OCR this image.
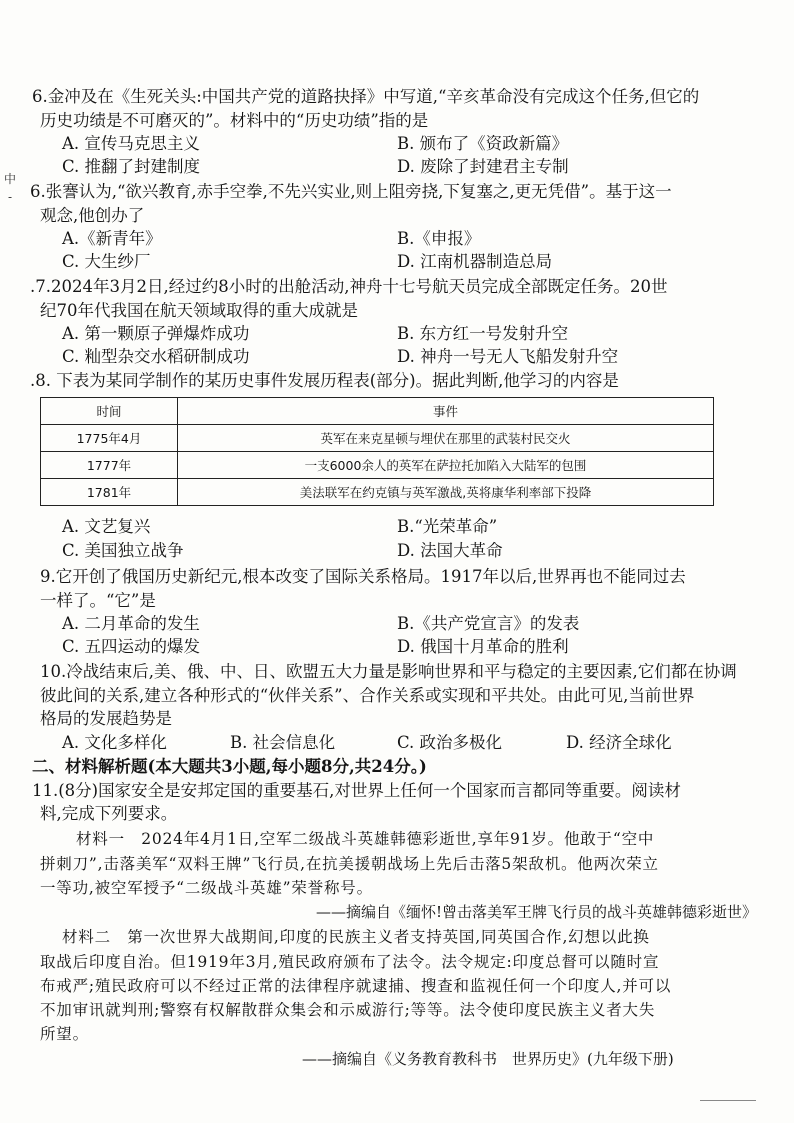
中
-
6.金冲及在《生死关头:中国共产党的道路抉择》中写道,“辛亥革命没有完成这个任务,但它的
历史功绩是不可磨灭的”。材料中的“历史功绩”指的是
A. 宣传马克思主义	B. 颁布了《资政新篇》
C. 推翻了封建制度	D. 废除了封建君主专制
6.张謇认为,“欲兴教育,赤手空拳,不先兴实业,则上阻旁挠,下复塞之,更无凭借”。基于这一
观念,他创办了
A.《新青年》	B.《申报》
C. 大生纱厂	D. 江南机器制造总局
.7.2024年3月2日,经过约8小时的出舱活动,神舟十七号航天员完成全部既定任务。20世
纪70年代我国在航天领域取得的重大成就是
A. 第一颗原子弹爆炸成功	B. 东方红一号发射升空
C. 籼型杂交水稻研制成功	D. 神舟一号无人飞船发射升空
.8. 下表为某同学制作的某历史事件发展历程表(部分)。据此判断,他学习的内容是
时间	事件
1775年4月	英军在来克星顿与埋伏在那里的武装村民交火
1777年	一支6000余人的英军在萨拉托加陷入大陆军的包围
1781年	美法联军在约克镇与英军激战,英将康华利率部下投降
A. 文艺复兴	B.“光荣革命”
C. 美国独立战争	D. 法国大革命
9.它开创了俄国历史新纪元,根本改变了国际关系格局。1917年以后,世界再也不能同过去
一样了。“它”是
A. 二月革命的发生	B.《共产党宣言》的发表
C. 五四运动的爆发	D. 俄国十月革命的胜利
10.冷战结束后,美、俄、中、日、欧盟五大力量是影响世界和平与稳定的主要因素,它们都在协调
彼此间的关系,建立各种形式的“伙伴关系”、合作关系或实现和平共处。由此可见,当前世界
格局的发展趋势是
A. 文化多样化	B. 社会信息化	C. 政治多极化	D. 经济全球化
二、材料解析题(本大题共3小题,每小题8分,共24分。)
11.(8分)国家安全是安邦定国的重要基石,对世界上任何一个国家而言都同等重要。阅读材
料,完成下列要求。
材料一　2024年4月1日,空军二级战斗英雄韩德彩逝世,享年91岁。他敢于“空中
拼刺刀”,击落美军“双料王牌”飞行员,在抗美援朝战场上先后击落5架敌机。他两次荣立
一等功,被空军授予“二级战斗英雄”荣誉称号。
——摘编自《缅怀!曾击落美军王牌飞行员的战斗英雄韩德彩逝世》
材料二　第一次世界大战期间,印度的民族主义者支持英国,同英国合作,幻想以此换
取战后印度自治。但1919年3月,殖民政府颁布了法令。法令规定:印度总督可以随时宣
布戒严;殖民政府可以不经过正常的法律程序就逮捕、搜查和监视任何一个印度人,并可以
不加审讯就判刑;警察有权解散群众集会和示威游行;等等。法令使印度民族主义者大失
所望。
——摘编自《义务教育教科书　世界历史》(九年级下册)
